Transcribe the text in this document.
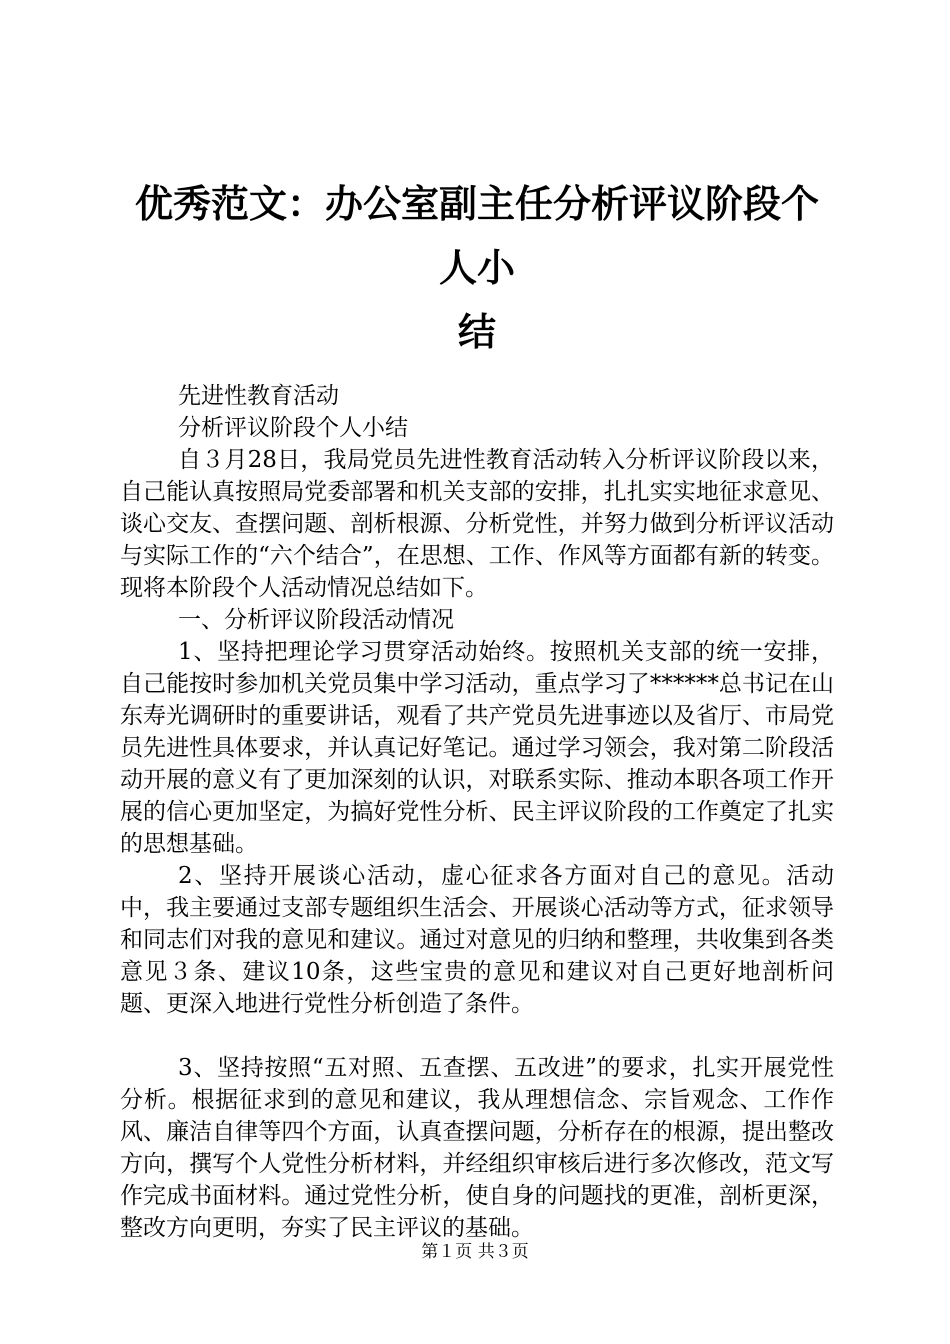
优秀范文：办公室副主任分析评议阶段个人小
结

先进性教育活动

分析评议阶段个人小结

自３月28日，我局党员先进性教育活动转入分析评议阶段以来，自己能认真按照局党委部署和机关支部的安排，扎扎实实地征求意见、谈心交友、查摆问题、剖析根源、分析党性，并努力做到分析评议活动与实际工作的“六个结合”，在思想、工作、作风等方面都有新的转变。现将本阶段个人活动情况总结如下。

一、分析评议阶段活动情况

1、坚持把理论学习贯穿活动始终。按照机关支部的统一安排，自己能按时参加机关党员集中学习活动，重点学习了******总书记在山东寿光调研时的重要讲话，观看了共产党员先进事迹以及省厅、市局党员先进性具体要求，并认真记好笔记。通过学习领会，我对第二阶段活动开展的意义有了更加深刻的认识，对联系实际、推动本职各项工作开展的信心更加坚定，为搞好党性分析、民主评议阶段的工作奠定了扎实的思想基础。

2、坚持开展谈心活动，虚心征求各方面对自己的意见。活动中，我主要通过支部专题组织生活会、开展谈心活动等方式，征求领导和同志们对我的意见和建议。通过对意见的归纳和整理，共收集到各类意见３条、建议10条，这些宝贵的意见和建议对自己更好地剖析问题、更深入地进行党性分析创造了条件。

3、坚持按照“五对照、五查摆、五改进”的要求，扎实开展党性分析。根据征求到的意见和建议，我从理想信念、宗旨观念、工作作风、廉洁自律等四个方面，认真查摆问题，分析存在的根源，提出整改方向，撰写个人党性分析材料，并经组织审核后进行多次修改，范文写作完成书面材料。通过党性分析，使自身的问题找的更准，剖析更深，整改方向更明，夯实了民主评议的基础。

第１页 共３页
